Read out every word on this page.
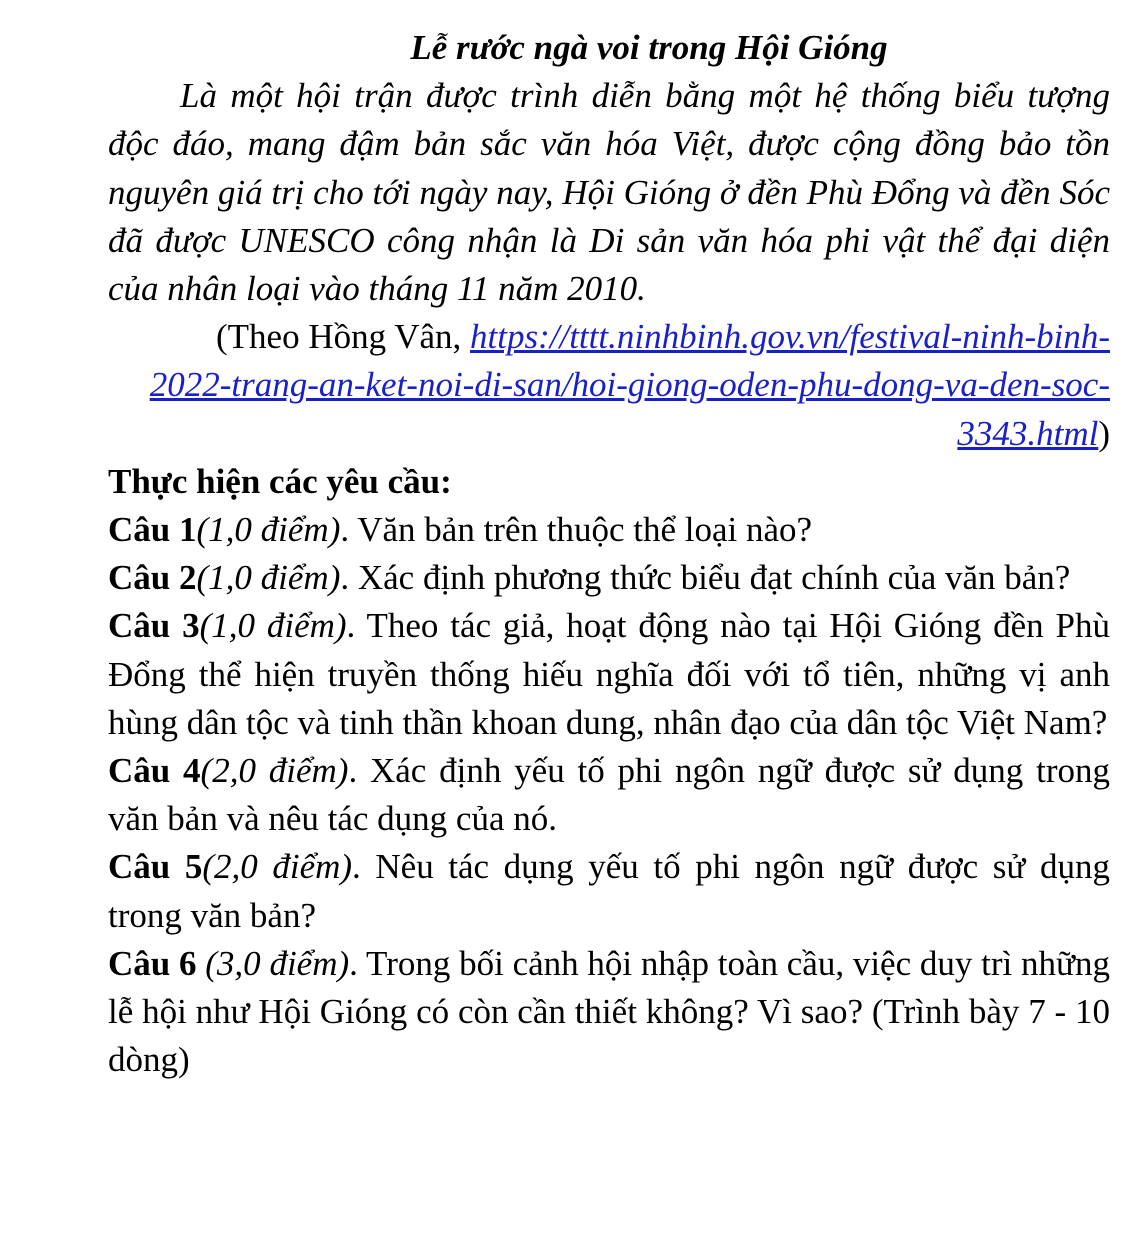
Lễ rước ngà voi trong Hội Gióng

Là một hội trận được trình diễn bằng một hệ thống biểu tượng độc đáo, mang đậm bản sắc văn hóa Việt, được cộng đồng bảo tồn nguyên giá trị cho tới ngày nay, Hội Gióng ở đền Phù Đổng và đền Sóc đã được UNESCO công nhận là Di sản văn hóa phi vật thể đại diện của nhân loại vào tháng 11 năm 2010.

(Theo Hồng Vân, https://tttt.ninhbinh.gov.vn/festival-ninh-binh-2022-trang-an-ket-noi-di-san/hoi-giong-oden-phu-dong-va-den-soc-3343.html)

Thực hiện các yêu cầu:

Câu 1(1,0 điểm). Văn bản trên thuộc thể loại nào?

Câu 2(1,0 điểm). Xác định phương thức biểu đạt chính của văn bản?

Câu 3(1,0 điểm). Theo tác giả, hoạt động nào tại Hội Gióng đền Phù Đổng thể hiện truyền thống hiếu nghĩa đối với tổ tiên, những vị anh hùng dân tộc và tinh thần khoan dung, nhân đạo của dân tộc Việt Nam?

Câu 4(2,0 điểm). Xác định yếu tố phi ngôn ngữ được sử dụng trong văn bản và nêu tác dụng của nó.

Câu 5(2,0 điểm). Nêu tác dụng yếu tố phi ngôn ngữ được sử dụng trong văn bản?

Câu 6 (3,0 điểm). Trong bối cảnh hội nhập toàn cầu, việc duy trì những lễ hội như Hội Gióng có còn cần thiết không? Vì sao? (Trình bày 7 - 10 dòng)
